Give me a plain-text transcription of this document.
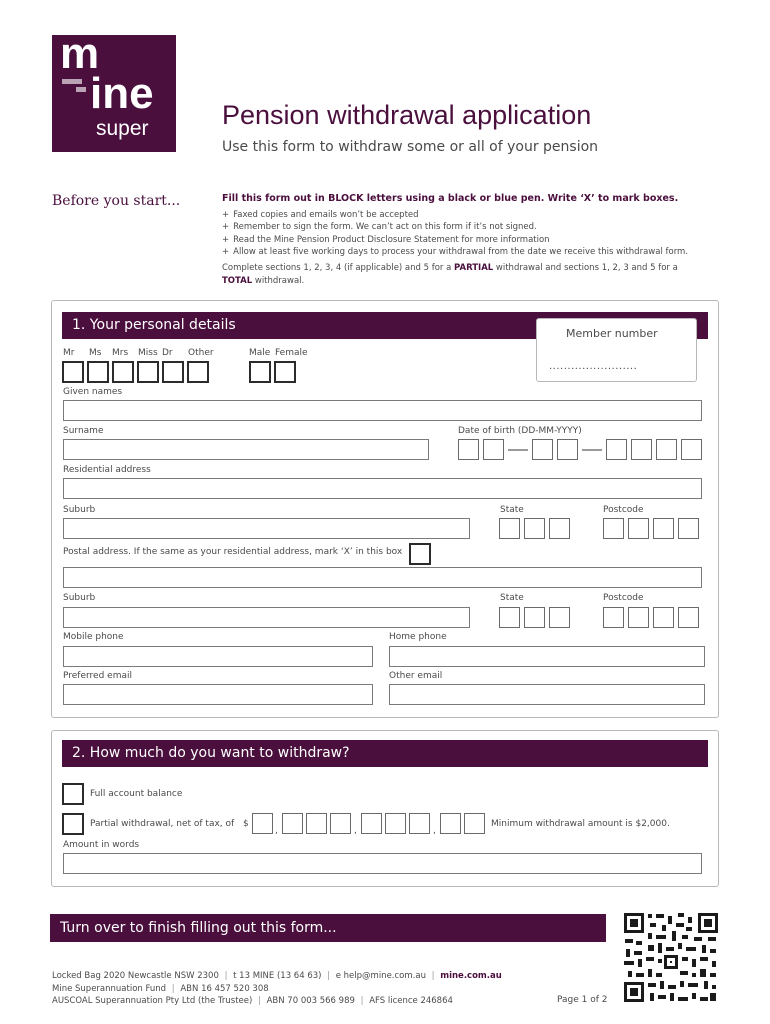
m
ine
super	Pension withdrawal application
Use this form to withdraw some or all of your pension
Before you start...	Fill this form out in BLOCK letters using a black or blue pen. Write ‘X’ to mark boxes.
+ Faxed copies and emails won’t be accepted
+ Remember to sign the form. We can’t act on this form if it’s not signed.
+ Read the Mine Pension Product Disclosure Statement for more information
+ Allow at least five working days to process your withdrawal from the date we receive this withdrawal form.
Complete sections 1, 2, 3, 4 (if applicable) and 5 for a PARTIAL withdrawal and sections 1, 2, 3 and 5 for a
TOTAL withdrawal.
1. Your personal details
Member number
........................
Mr Ms Mrs Miss Dr Other	Male Female
Given names
Surname	Date of birth (DD-MM-YYYY)
Residential address
Suburb	State	Postcode
Postal address. If the same as your residential address, mark ‘X’ in this box
Suburb	State	Postcode
Mobile phone	Home phone
Preferred email	Other email
2. How much do you want to withdraw?
Full account balance
Partial withdrawal, net of tax, of $
,	,	,
Minimum withdrawal amount is $2,000.
Amount in words
Turn over to finish filling out this form...
Locked Bag 2020 Newcastle NSW 2300 | t 13 MINE (13 64 63) | e help@mine.com.au | mine.com.au
Mine Superannuation Fund | ABN 16 457 520 308
AUSCOAL Superannuation Pty Ltd (the Trustee) | ABN 70 003 566 989 | AFS licence 246864	Page 1 of 2
